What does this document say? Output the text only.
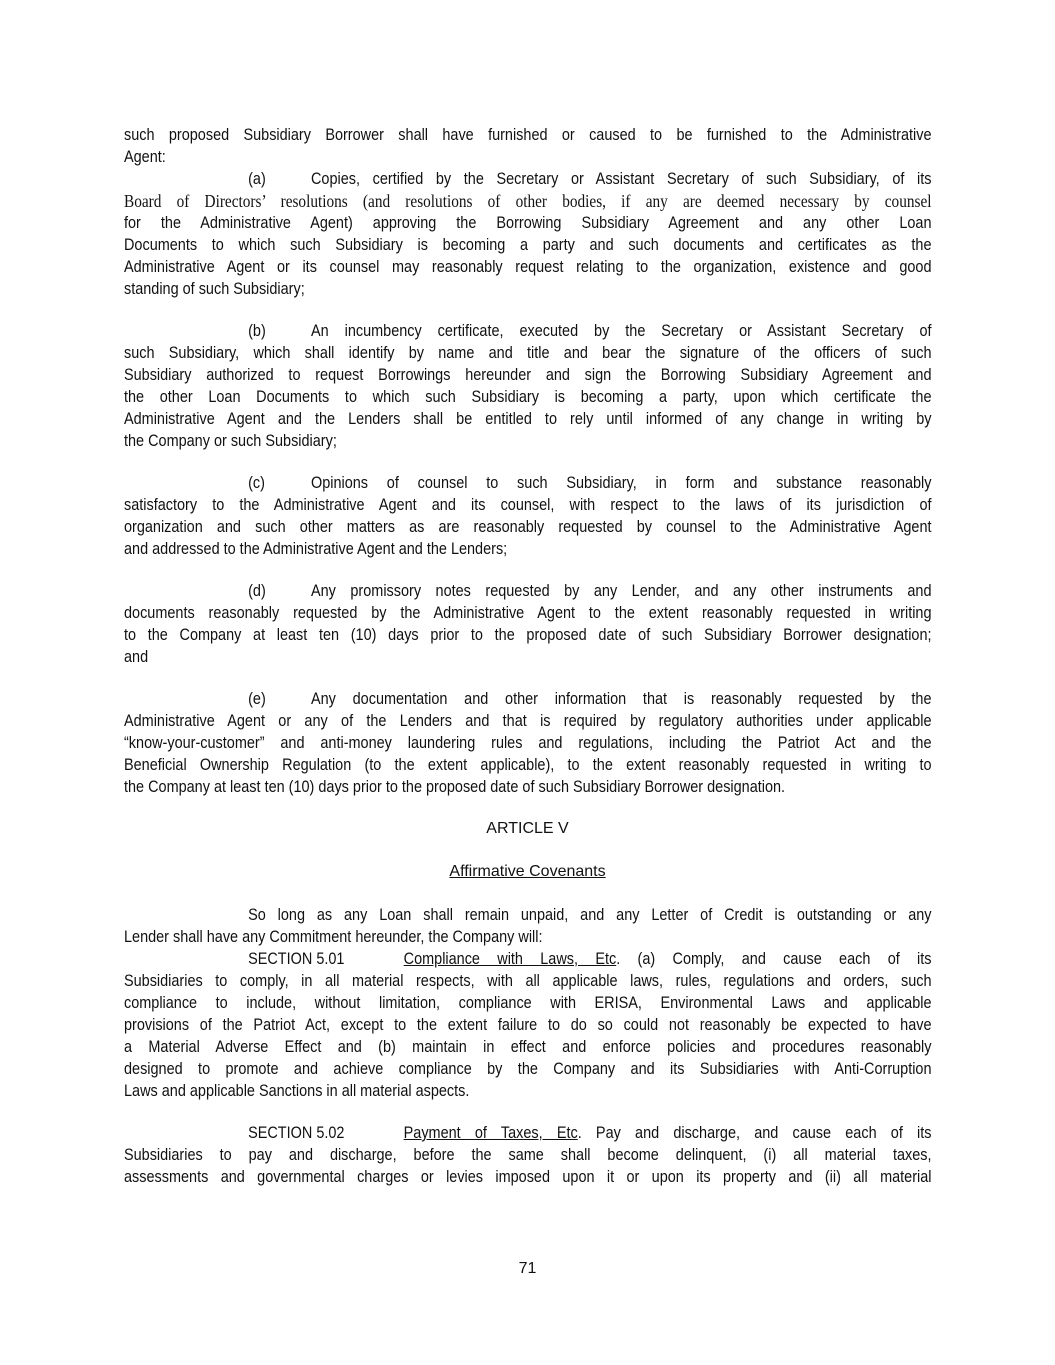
such proposed Subsidiary Borrower shall have furnished or caused to be furnished to the Administrative
Agent:
(a)	Copies, certified by the Secretary or Assistant Secretary of such Subsidiary, of its
Board of Directors’ resolutions (and resolutions of other bodies, if any are deemed necessary by counsel
for the Administrative Agent) approving the Borrowing Subsidiary Agreement and any other Loan
Documents to which such Subsidiary is becoming a party and such documents and certificates as the
Administrative Agent or its counsel may reasonably request relating to the organization, existence and good
standing of such Subsidiary;
(b)	An incumbency certificate, executed by the Secretary or Assistant Secretary of
such Subsidiary, which shall identify by name and title and bear the signature of the officers of such
Subsidiary authorized to request Borrowings hereunder and sign the Borrowing Subsidiary Agreement and
the other Loan Documents to which such Subsidiary is becoming a party, upon which certificate the
Administrative Agent and the Lenders shall be entitled to rely until informed of any change in writing by
the Company or such Subsidiary;
(c)	Opinions of counsel to such Subsidiary, in form and substance reasonably
satisfactory to the Administrative Agent and its counsel, with respect to the laws of its jurisdiction of
organization and such other matters as are reasonably requested by counsel to the Administrative Agent
and addressed to the Administrative Agent and the Lenders;
(d)	Any promissory notes requested by any Lender, and any other instruments and
documents reasonably requested by the Administrative Agent to the extent reasonably requested in writing
to the Company at least ten (10) days prior to the proposed date of such Subsidiary Borrower designation;
and
(e)	Any documentation and other information that is reasonably requested by the
Administrative Agent or any of the Lenders and that is required by regulatory authorities under applicable
“know-your-customer” and anti-money laundering rules and regulations, including the Patriot Act and the
Beneficial Ownership Regulation (to the extent applicable), to the extent reasonably requested in writing to
the Company at least ten (10) days prior to the proposed date of such Subsidiary Borrower designation.
ARTICLE V
Affirmative Covenants
So long as any Loan shall remain unpaid, and any Letter of Credit is outstanding or any
Lender shall have any Commitment hereunder, the Company will:
SECTION 5.01	Compliance with Laws, Etc. (a) Comply, and cause each of its
Subsidiaries to comply, in all material respects, with all applicable laws, rules, regulations and orders, such
compliance to include, without limitation, compliance with ERISA, Environmental Laws and applicable
provisions of the Patriot Act, except to the extent failure to do so could not reasonably be expected to have
a Material Adverse Effect and (b) maintain in effect and enforce policies and procedures reasonably
designed to promote and achieve compliance by the Company and its Subsidiaries with Anti-Corruption
Laws and applicable Sanctions in all material aspects.
SECTION 5.02	Payment of Taxes, Etc. Pay and discharge, and cause each of its
Subsidiaries to pay and discharge, before the same shall become delinquent, (i) all material taxes,
assessments and governmental charges or levies imposed upon it or upon its property and (ii) all material
71
